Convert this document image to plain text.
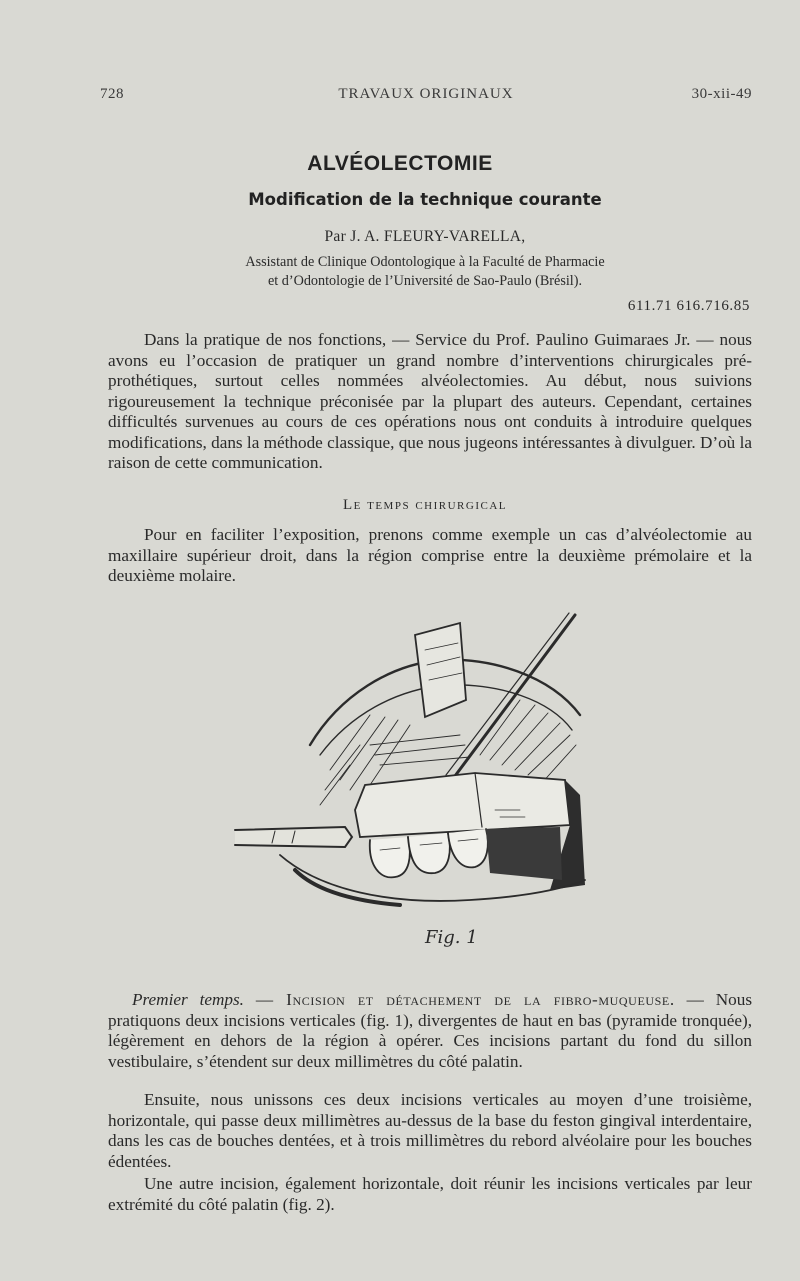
728	TRAVAUX ORIGINAUX	30-xii-49
ALVÉOLECTOMIE
Modification de la technique courante
Par J. A. FLEURY-VARELLA,
Assistant de Clinique Odontologique à la Faculté de Pharmacie
et d’Odontologie de l’Université de Sao-Paulo (Brésil).
611.71 616.716.85

Dans la pratique de nos fonctions, — Service du Prof. Paulino Guimaraes Jr. — nous avons eu l’occasion de pratiquer un grand nombre d’interventions chirurgicales pré-prothétiques, surtout celles nommées alvéolectomies. Au début, nous suivions rigoureusement la technique préconisée par la plupart des auteurs. Cependant, certaines difficultés survenues au cours de ces opérations nous ont conduits à introduire quelques modifications, dans la méthode classique, que nous jugeons intéressantes à divulguer. D’où la raison de cette communication.

Le temps chirurgical

Pour en faciliter l’exposition, prenons comme exemple un cas d’alvéolectomie au maxillaire supérieur droit, dans la région comprise entre la deuxième prémolaire et la deuxième molaire.

Fig. 1

Premier temps. — Incision et détachement de la fibro-muqueuse. — Nous pratiquons deux incisions verticales (fig. 1), divergentes de haut en bas (pyramide tronquée), légèrement en dehors de la région à opérer. Ces incisions partant du fond du sillon vestibulaire, s’étendent sur deux millimètres du côté palatin.

Ensuite, nous unissons ces deux incisions verticales au moyen d’une troisième, horizontale, qui passe deux millimètres au-dessus de la base du feston gingival interdentaire, dans les cas de bouches dentées, et à trois millimètres du rebord alvéolaire pour les bouches édentées.

Une autre incision, également horizontale, doit réunir les incisions verticales par leur extrémité du côté palatin (fig. 2).
